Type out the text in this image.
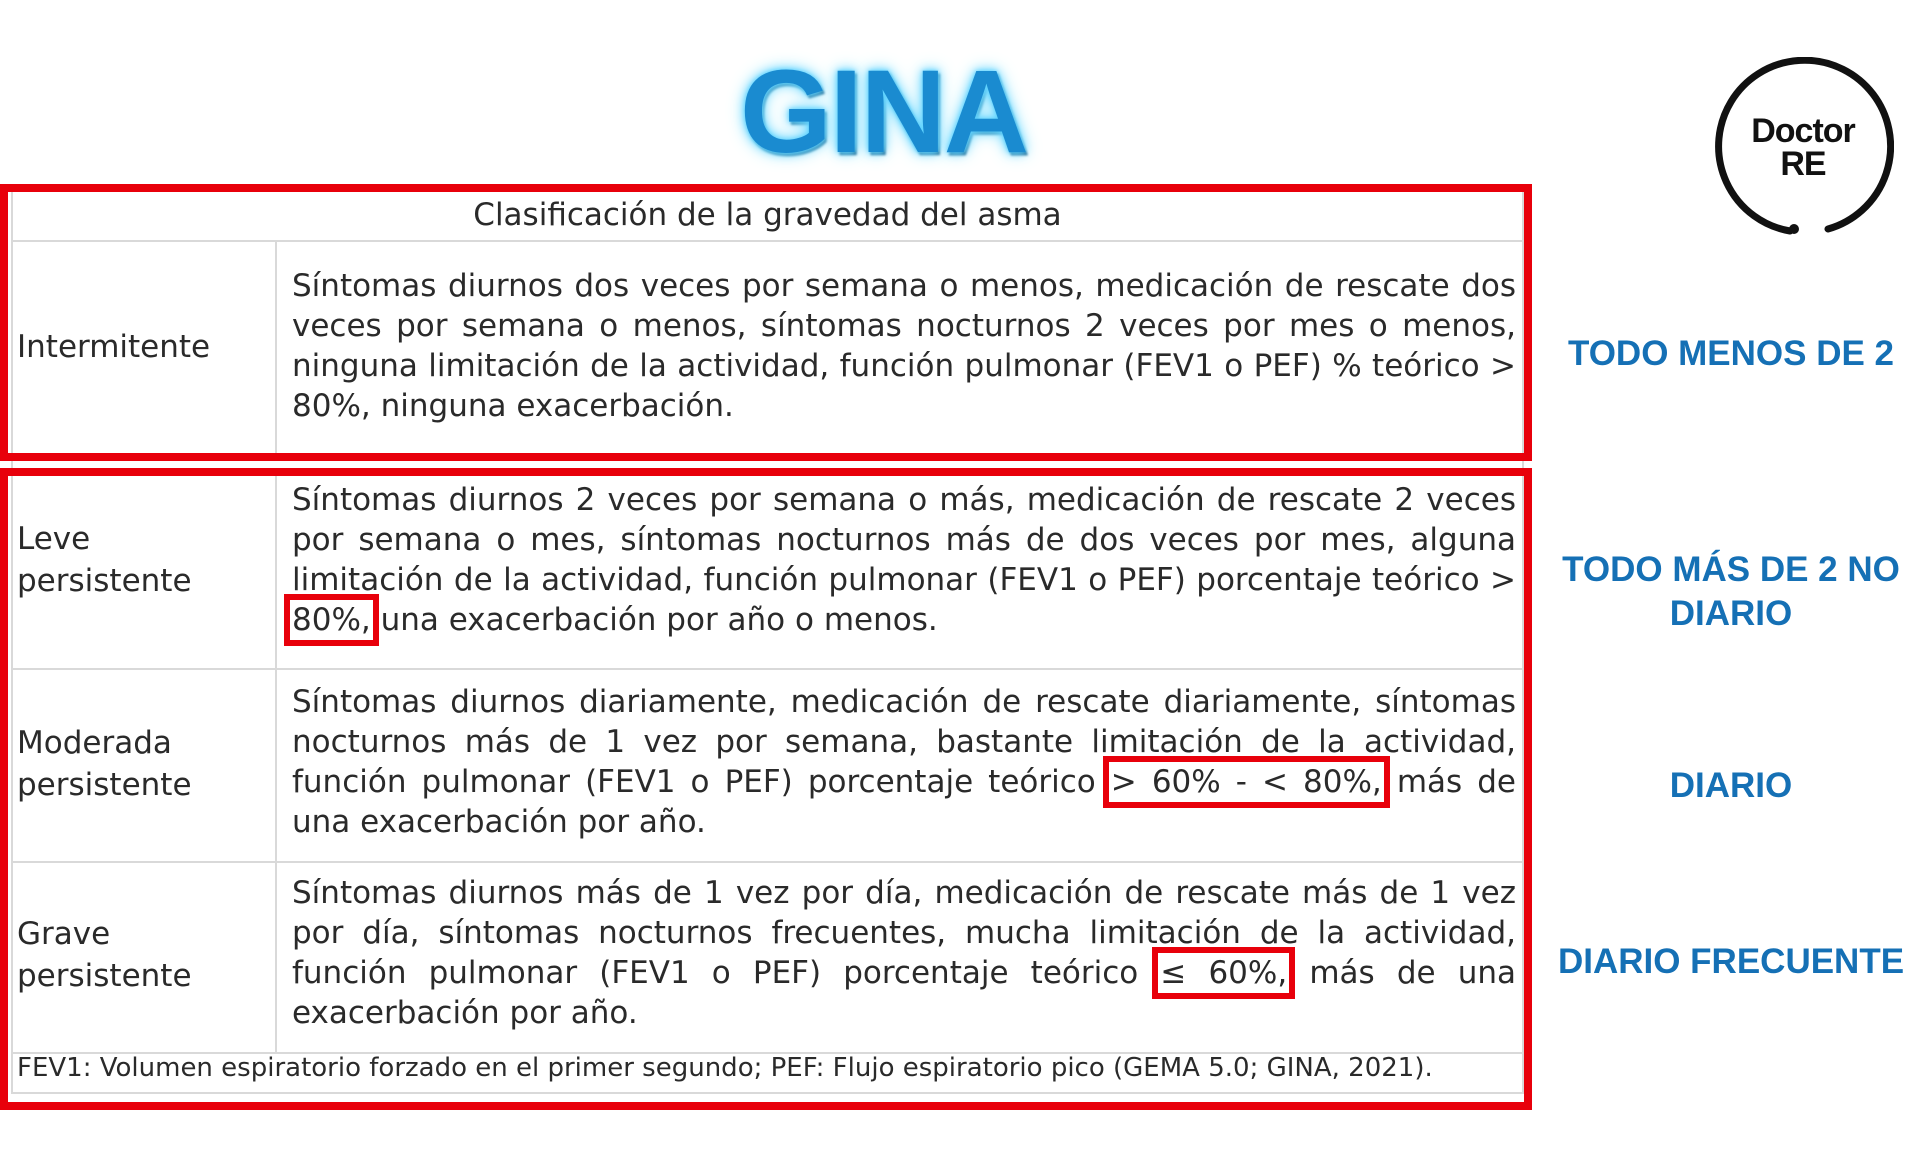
GINA	Doctor
RE
Clasificación de la gravedad del asma
Intermitente
Síntomas diurnos dos veces por semana o menos, medicación de rescate dos veces por semana o menos, síntomas nocturnos 2 veces por mes o menos, ninguna limitación de la actividad, función pulmonar (FEV1 o PEF) % teórico > 80%, ninguna exacerbación.
Leve persistente
Síntomas diurnos 2 veces por semana o más, medicación de rescate 2 veces por semana o mes, síntomas nocturnos más de dos veces por mes, alguna limitación de la actividad, función pulmonar (FEV1 o PEF) porcentaje teórico > 80%, una exacerbación por año o menos.
Moderada persistente
Síntomas diurnos diariamente, medicación de rescate diariamente, síntomas nocturnos más de 1 vez por semana, bastante limitación de la actividad, función pulmonar (FEV1 o PEF) porcentaje teórico > 60% - < 80%, más de una exacerbación por año.
Grave persistente
Síntomas diurnos más de 1 vez por día, medicación de rescate más de 1 vez por día, síntomas nocturnos frecuentes, mucha limitación de la actividad, función pulmonar (FEV1 o PEF) porcentaje teórico ≤ 60%, más de una exacerbación por año.
FEV1: Volumen espiratorio forzado en el primer segundo; PEF: Flujo espiratorio pico (GEMA 5.0; GINA, 2021).
TODO MENOS DE 2
TODO MÁS DE 2 NO DIARIO
DIARIO
DIARIO FRECUENTE
